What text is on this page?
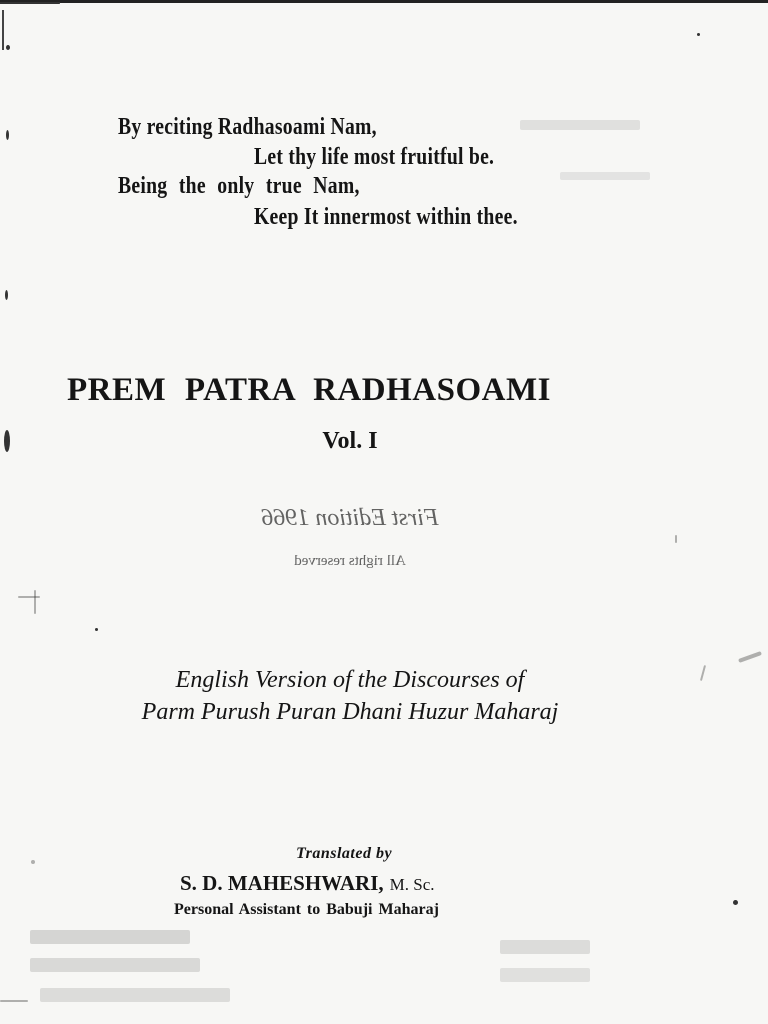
By reciting Radhasoami Nam,
Let thy life most fruitful be.
Being the only true Nam,
Keep It innermost within thee.
PREM PATRA RADHASOAMI
Vol. I
First Edition 1966
All rights reserved
English Version of the Discourses of
Parm Purush Puran Dhani Huzur Maharaj
Translated by
S. D. MAHESHWARI, M. Sc.
Personal Assistant to Babuji Maharaj
